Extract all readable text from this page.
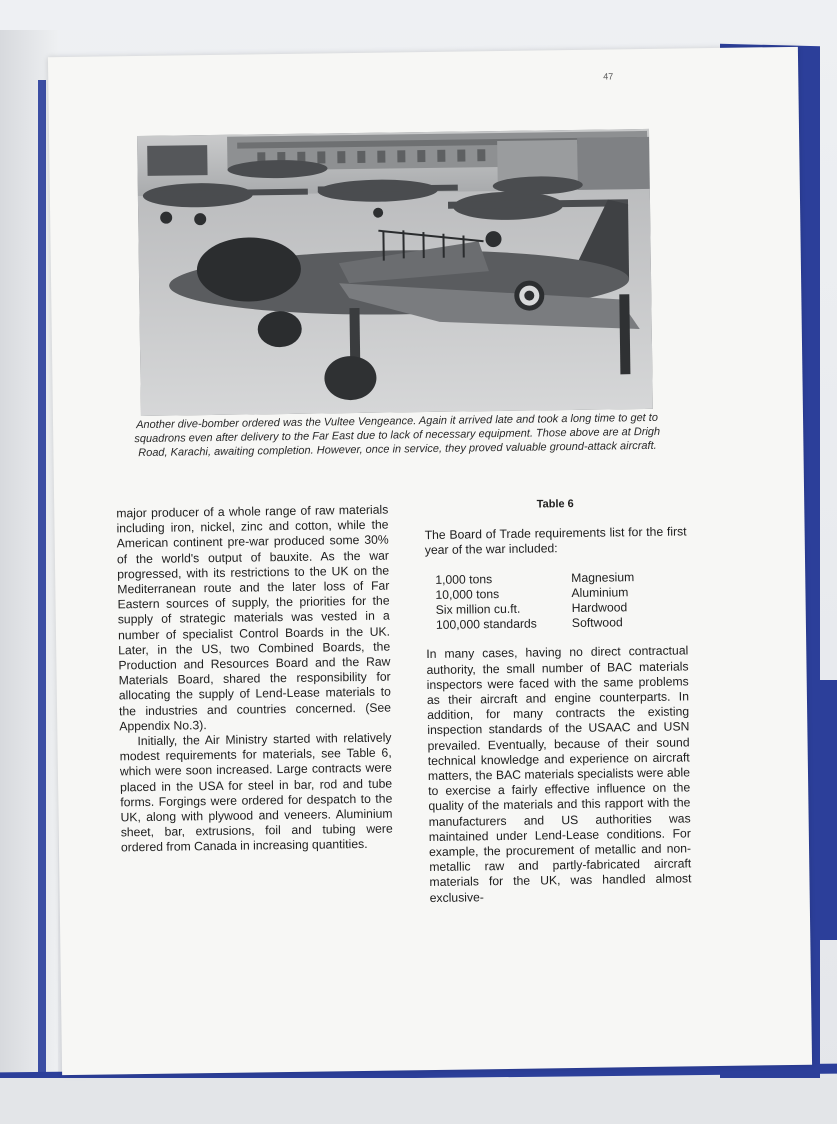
47
Another dive-bomber ordered was the Vultee Vengeance. Again it arrived late and took a long time to get to squadrons even after delivery to the Far East due to lack of necessary equipment. Those above are at Drigh Road, Karachi, awaiting completion. However, once in service, they proved valuable ground-attack aircraft.

major producer of a whole range of raw materials including iron, nickel, zinc and cotton, while the American continent pre-war produced some 30% of the world's output of bauxite. As the war progressed, with its restrictions to the UK on the Mediterranean route and the later loss of Far Eastern sources of supply, the priorities for the supply of strategic materials was vested in a number of specialist Control Boards in the UK. Later, in the US, two Combined Boards, the Production and Resources Board and the Raw Materials Board, shared the responsibility for allocating the supply of Lend-Lease materials to the industries and countries concerned. (See Appendix No.3).

Initially, the Air Ministry started with relatively modest requirements for materials, see Table 6, which were soon increased. Large contracts were placed in the USA for steel in bar, rod and tube forms. Forgings were ordered for despatch to the UK, along with plywood and veneers. Aluminium sheet, bar, extrusions, foil and tubing were ordered from Canada in increasing quantities.

Table 6
The Board of Trade requirements list for the first year of the war included:
1,000 tons	Magnesium
10,000 tons	Aluminium
Six million cu.ft.	Hardwood
100,000 standards	Softwood

In many cases, having no direct contractual authority, the small number of BAC materials inspectors were faced with the same problems as their aircraft and engine counterparts. In addition, for many contracts the existing inspection standards of the USAAC and USN prevailed. Eventually, because of their sound technical knowledge and experience on aircraft matters, the BAC materials specialists were able to exercise a fairly effective influence on the quality of the materials and this rapport with the manufacturers and US authorities was maintained under Lend-Lease conditions. For example, the procurement of metallic and non-metallic raw and partly-fabricated aircraft materials for the UK, was handled almost exclusive-
